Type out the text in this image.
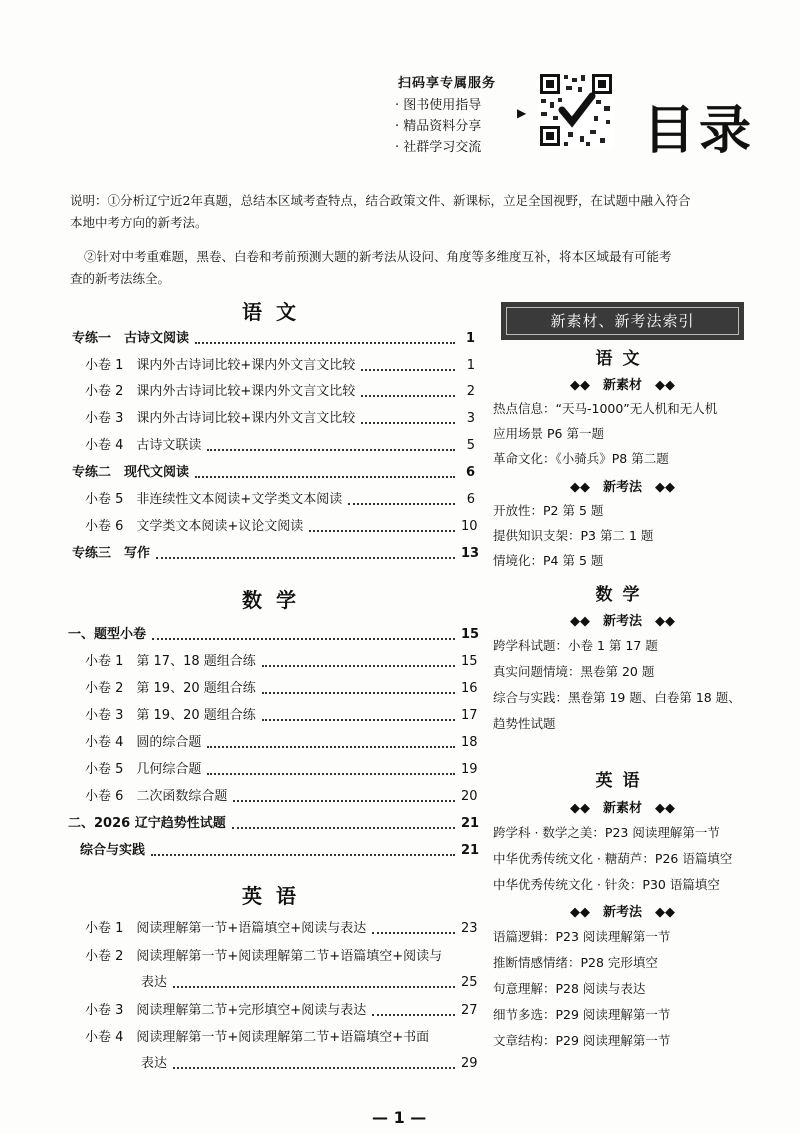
扫码享专属服务
· 图书使用指导
· 精品资料分享
· 社群学习交流
▶ 目录
说明：①分析辽宁近2年真题，总结本区域考查特点，结合政策文件、新课标，立足全国视野，在试题中融入符合
本地中考方向的新考法。
②针对中考重难题，黑卷、白卷和考前预测大题的新考法从设问、角度等多维度互补，将本区域最有可能考
查的新考法练全。
语文
专练一　古诗文阅读	1
小卷 1　课内外古诗词比较+课内外文言文比较	1
小卷 2　课内外古诗词比较+课内外文言文比较	2
小卷 3　课内外古诗词比较+课内外文言文比较	3
小卷 4　古诗文联读	5
专练二　现代文阅读	6
小卷 5　非连续性文本阅读+文学类文本阅读	6
小卷 6　文学类文本阅读+议论文阅读	10
专练三　写作	13
数学
一、题型小卷	15
小卷 1　第 17、18 题组合练	15
小卷 2　第 19、20 题组合练	16
小卷 3　第 19、20 题组合练	17
小卷 4　圆的综合题	18
小卷 5　几何综合题	19
小卷 6　二次函数综合题	20
二、2026 辽宁趋势性试题	21
综合与实践	21
英语
小卷 1　阅读理解第一节+语篇填空+阅读与表达	23
小卷 2　阅读理解第一节+阅读理解第二节+语篇填空+阅读与
表达	25
小卷 3　阅读理解第二节+完形填空+阅读与表达	27
小卷 4　阅读理解第一节+阅读理解第二节+语篇填空+书面
表达	29
新素材、新考法索引
语文
◆◆　新素材　◆◆
热点信息：“天马-1000”无人机和无人机
应用场景 P6 第一题
革命文化：《小骑兵》P8 第二题
◆◆　新考法　◆◆
开放性：P2 第 5 题
提供知识支架：P3 第二 1 题
情境化：P4 第 5 题
数学
◆◆　新考法　◆◆
跨学科试题：小卷 1 第 17 题
真实问题情境：黑卷第 20 题
综合与实践：黑卷第 19 题、白卷第 18 题、
趋势性试题
英语
◆◆　新素材　◆◆
跨学科 · 数学之美：P23 阅读理解第一节
中华优秀传统文化 · 糖葫芦：P26 语篇填空
中华优秀传统文化 · 针灸：P30 语篇填空
◆◆　新考法　◆◆
语篇逻辑：P23 阅读理解第一节
推断情感情绪：P28 完形填空
句意理解：P28 阅读与表达
细节多选：P29 阅读理解第一节
文章结构：P29 阅读理解第一节
— 1 —
